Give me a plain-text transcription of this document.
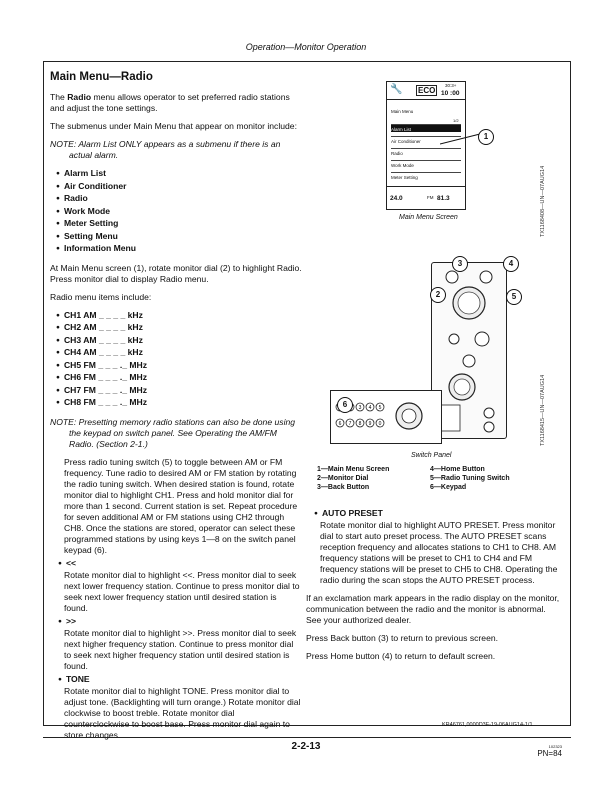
Operation—Monitor Operation
Main Menu—Radio

The Radio menu allows operator to set preferred radio stations and adjust the tone settings.

The submenus under Main Menu that appear on monitor include:

NOTE: Alarm List ONLY appears as a submenu if there is an actual alarm.

● Alarm List
● Air Conditioner
● Radio
● Work Mode
● Meter Setting
● Setting Menu
● Information Menu

At Main Menu screen (1), rotate monitor dial (2) to highlight Radio. Press monitor dial to display Radio menu.

Radio menu items include:

● CH1 AM _ _ _ _ kHz
● CH2 AM _ _ _ _ kHz
● CH3 AM _ _ _ _ kHz
● CH4 AM _ _ _ _ kHz
● CH5 FM _ _ _ ._ MHz
● CH6 FM _ _ _ ._ MHz
● CH7 FM _ _ _ ._ MHz
● CH8 FM _ _ _ ._ MHz

NOTE: Presetting memory radio stations can also be done using the keypad on switch panel. See Operating the AM/FM Radio. (Section 2-1.)

Press radio tuning switch (5) to toggle between AM or FM frequency. Tune radio to desired AM or FM station by rotating the radio tuning switch. When desired station is found, rotate monitor dial to highlight CH1. Press and hold monitor dial for more than 1 second. Current station is set. Repeat procedure for seven additional AM or FM stations using CH2 through CH8. Once the stations are stored, operator can select these programmed stations by using keys 1—8 on the switch panel keypad (6).

● <<

Rotate monitor dial to highlight <<. Press monitor dial to seek next lower frequency station. Continue to press monitor dial to seek next lower frequency station until desired station is found.

● >>

Rotate monitor dial to highlight >>. Press monitor dial to seek next higher frequency station. Continue to press monitor dial to seek next higher frequency station until desired station is found.

● TONE

Rotate monitor dial to highlight TONE. Press monitor dial to adjust tone. (Backlighting will turn orange.) Rotate monitor dial clockwise to boost treble. Rotate monitor dial counterclockwise to boost base. Press monitor dial again to store changes.

🔧 ECO
30:3+
10 :00
Main Menu
1/2
Alarm List
Air Conditioner
Radio
Work Mode
Meter Setting
24.0	FM 81.3
1
Main Menu Screen	TX1168408—UN—07AUG14
3 4 5
6 7 8 9 0
3	4
2	5
6
Switch Panel
TX1168415—UN—07AUG14
1—Main Menu Screen	4—Home Button
2—Monitor Dial	5—Radio Tuning Switch
3—Back Button	6—Keypad
● AUTO PRESET

Rotate monitor dial to highlight AUTO PRESET. Press monitor dial to start auto preset process. The AUTO PRESET scans reception frequency and allocates stations to CH1 to CH8. AM frequency stations will be preset to CH1 to CH4 and FM frequency stations will be preset to CH5 to CH8. Operating the radio during the scan stops the AUTO PRESET process.

If an exclamation mark appears in the radio display on the monitor, communication between the radio and the monitor is abnormal. See your authorized dealer.

Press Back button (3) to return to previous screen.

Press Home button (4) to return to default screen.

KR46761,0000D3F-19-06AUG14-1/1
2-2-13	102323
PN=84
